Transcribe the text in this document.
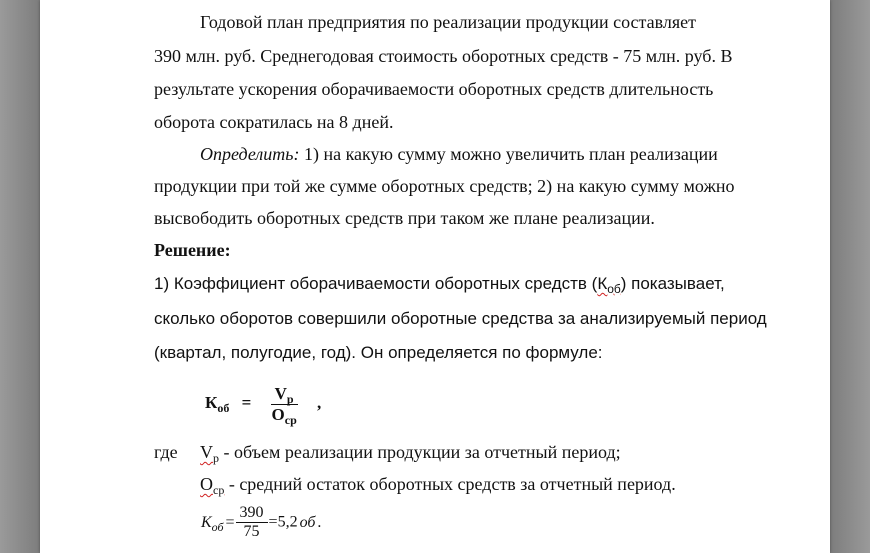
Годовой план предприятия по реализации продукции составляет
390 млн. руб. Среднегодовая стоимость оборотных средств - 75 млн. руб. В
результате ускорения оборачиваемости оборотных средств длительность
оборота сократилась на 8 дней.
Определить: 1) на какую сумму можно увеличить план реализации
продукции при той же сумме оборотных средств; 2) на какую сумму можно
высвободить оборотных средств при таком же плане реализации.
Решение:
1) Коэффициент оборачиваемости оборотных средств $(К_{об})$ показывает,
сколько оборотов совершили оборотные средства за анализируемый период
(квартал, полугодие, год). Он определяется по формуле:
$К_{об} = \frac{V_р}{О_{ср}}$ ,
где $V_р$ - объем реализации продукции за отчетный период;
$О_{ср}$ - средний остаток оборотных средств за отчетный период.
$К_{об} = \frac{390}{75} =5,2$ об .
